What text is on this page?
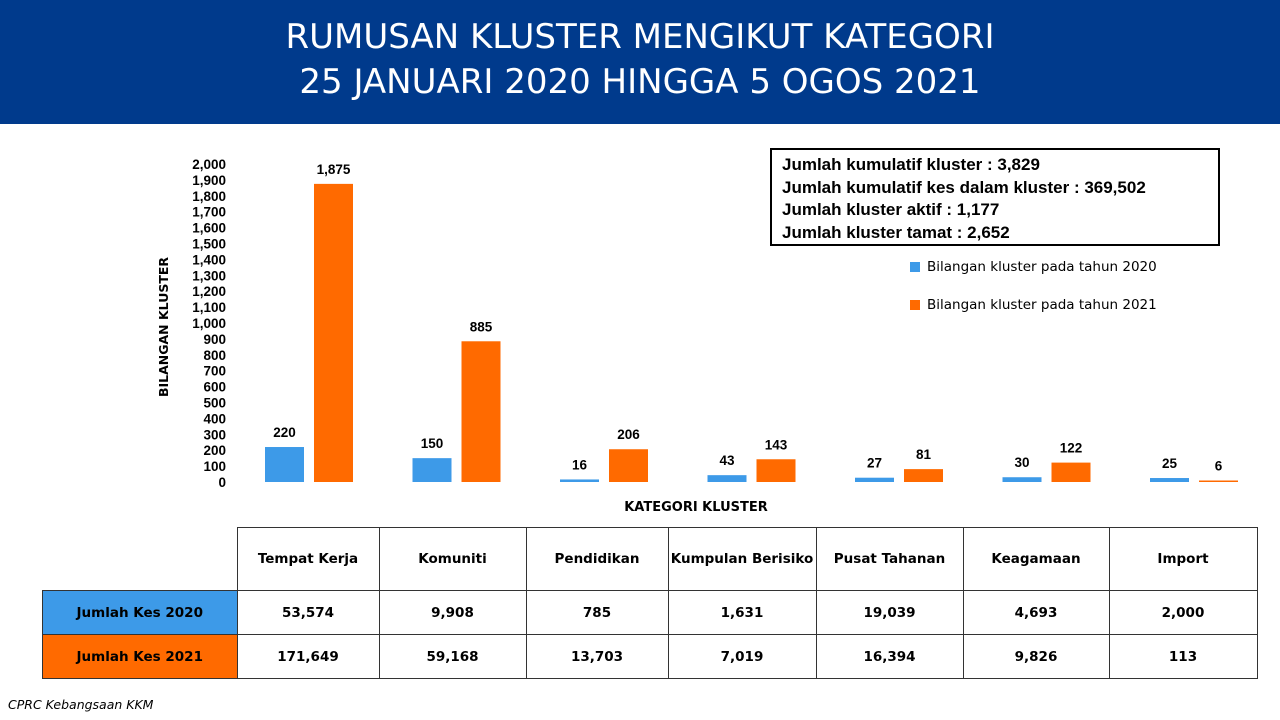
RUMUSAN KLUSTER MENGIKUT KATEGORI
25 JANUARI 2020 HINGGA 5 OGOS 2021
0
100
200
300
400
500
600
700
800
900
1,000
1,100
1,200
1,300
1,400
1,500
1,600
1,700
1,800
1,900
2,000
BILANGAN KLUSTER
KATEGORI KLUSTER
220
1,875
150
885
16
206
43
143
27
81
30
122
25	6
Jumlah kumulatif kluster : 3,829
Jumlah kumulatif kes dalam kluster : 369,502
Jumlah kluster aktif : 1,177
Jumlah kluster tamat : 2,652
Bilangan kluster pada tahun 2020
Bilangan kluster pada tahun 2021
	Tempat Kerja	Komuniti	Pendidikan	Kumpulan Berisiko	Pusat Tahanan	Keagamaan	Import
Jumlah Kes 2020	53,574	9,908	785	1,631	19,039	4,693	2,000
Jumlah Kes 2021	171,649	59,168	13,703	7,019	16,394	9,826	113
CPRC Kebangsaan KKM
